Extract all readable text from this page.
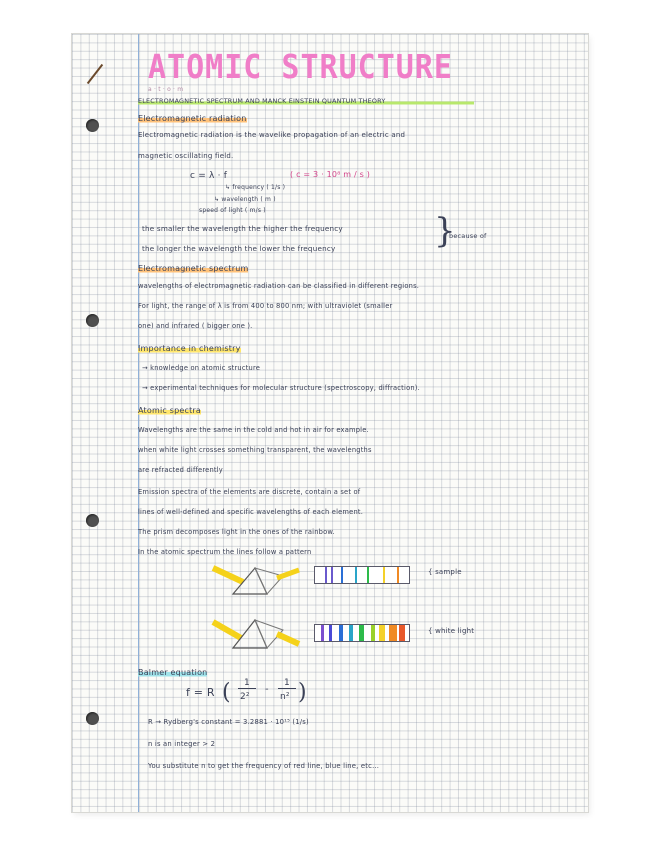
ATOMIC STRUCTURE
a · t · o · m
ELECTROMAGNETIC SPECTRUM AND MANCK EINSTEIN QUANTUM THEORY
Electromagnetic radiation
Electromagnetic radiation is the wavelike propagation of an electric and
magnetic oscillating field.
c = λ · f	( c = 3 · 10⁸ m / s )
↳ frequency ( 1/s )
↳ wavelength ( m )
speed of light ( m/s )
the smaller the wavelength the higher the frequency
the longer the wavelength the lower the frequency	}
because of
Electromagnetic spectrum
wavelengths of electromagnetic radiation can be classified in different regions.
For light, the range of λ is from 400 to 800 nm; with ultraviolet (smaller
one) and infrared ( bigger one ).
Importance in chemistry
→ knowledge on atomic structure
→ experimental techniques for molecular structure (spectroscopy, diffraction).
Atomic spectra
Wavelengths are the same in the cold and hot in air for example.
when white light crosses something transparent, the wavelengths
are refracted differently
Emission spectra of the elements are discrete, contain a set of
lines of well-defined and specific wavelengths of each element.
The prism decomposes light in the ones of the rainbow.
In the atomic spectrum the lines follow a pattern
{ sample
{ white light
Balmer equation
f = R ( 1
2²
-
1
n² )
R → Rydberg's constant = 3.2881 · 10¹⁵ (1/s)
n is an integer > 2
You substitute n to get the frequency of red line, blue line, etc...
